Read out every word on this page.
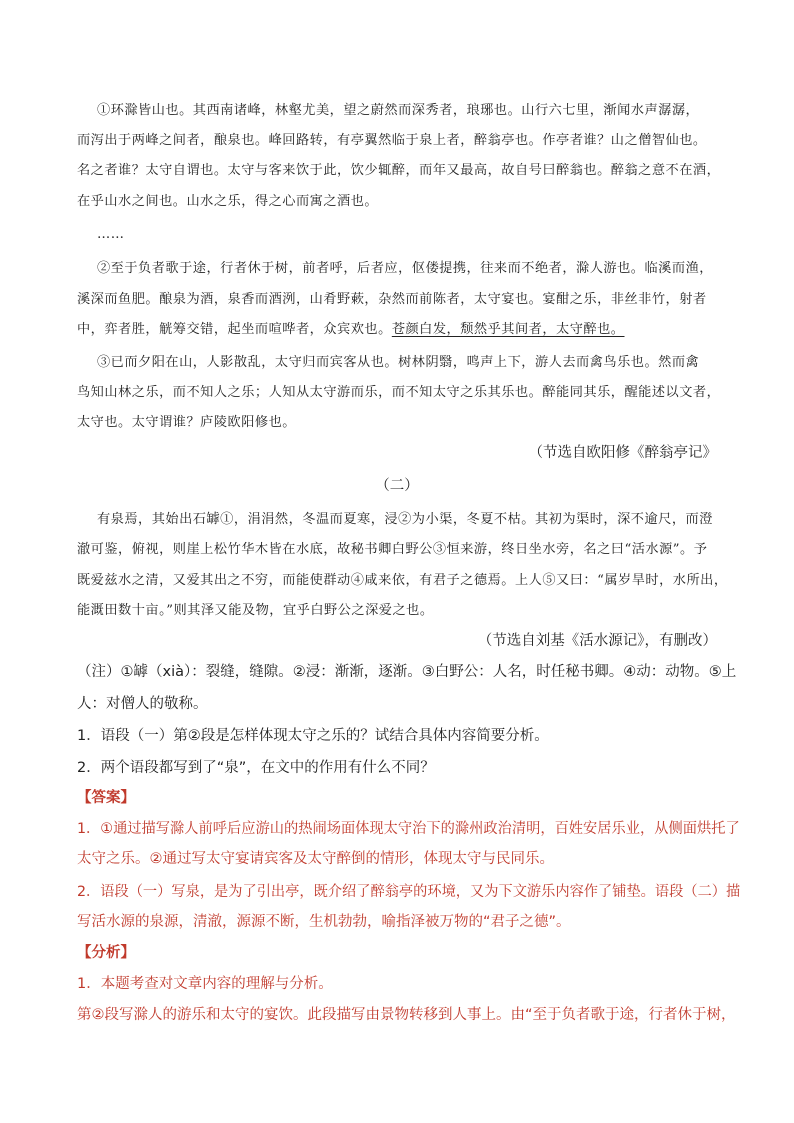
①环滁皆山也。其西南诸峰，林壑尤美，望之蔚然而深秀者，琅琊也。山行六七里，渐闻水声潺潺，
而泻出于两峰之间者，酿泉也。峰回路转，有亭翼然临于泉上者，醉翁亭也。作亭者谁？山之僧智仙也。
名之者谁？太守自谓也。太守与客来饮于此，饮少辄醉，而年又最高，故自号曰醉翁也。醉翁之意不在酒，
在乎山水之间也。山水之乐，得之心而寓之酒也。
……
②至于负者歌于途，行者休于树，前者呼，后者应，伛偻提携，往来而不绝者，滁人游也。临溪而渔，
溪深而鱼肥。酿泉为酒，泉香而酒洌，山肴野蔌，杂然而前陈者，太守宴也。宴酣之乐，非丝非竹，射者
中，弈者胜，觥筹交错，起坐而喧哗者，众宾欢也。苍颜白发，颓然乎其间者，太守醉也。
③已而夕阳在山，人影散乱，太守归而宾客从也。树林阴翳，鸣声上下，游人去而禽鸟乐也。然而禽
鸟知山林之乐，而不知人之乐；人知从太守游而乐，而不知太守之乐其乐也。醉能同其乐，醒能述以文者，
太守也。太守谓谁？庐陵欧阳修也。
（节选自欧阳修《醉翁亭记》
（二）
有泉焉，其始出石罅①，涓涓然，冬温而夏寒，浸②为小渠，冬夏不枯。其初为渠时，深不逾尺，而澄
澈可鉴，俯视，则崖上松竹华木皆在水底，故秘书卿白野公③恒来游，终日坐水旁，名之曰“活水源”。予
既爱兹水之清，又爱其出之不穷，而能使群动④咸来依，有君子之德焉。上人⑤又曰：“属岁旱时，水所出，
能溉田数十亩。”则其泽又能及物，宜乎白野公之深爱之也。
（节选自刘基《活水源记》，有删改）
（注）①罅（xià）：裂缝，缝隙。②浸：渐渐，逐渐。③白野公：人名，时任秘书卿。④动：动物。⑤上
人：对僧人的敬称。
1．语段（一）第②段是怎样体现太守之乐的？试结合具体内容简要分析。
2．两个语段都写到了“泉”，在文中的作用有什么不同？
【答案】
1．①通过描写滁人前呼后应游山的热闹场面体现太守治下的滁州政治清明，百姓安居乐业，从侧面烘托了
太守之乐。②通过写太守宴请宾客及太守醉倒的情形，体现太守与民同乐。
2．语段（一）写泉，是为了引出亭，既介绍了醉翁亭的环境，又为下文游乐内容作了铺垫。语段（二）描
写活水源的泉源，清澈，源源不断，生机勃勃，喻指泽被万物的“君子之德”。
【分析】
1．本题考查对文章内容的理解与分析。
第②段写滁人的游乐和太守的宴饮。此段描写由景物转移到人事上。由“至于负者歌于途，行者休于树，
